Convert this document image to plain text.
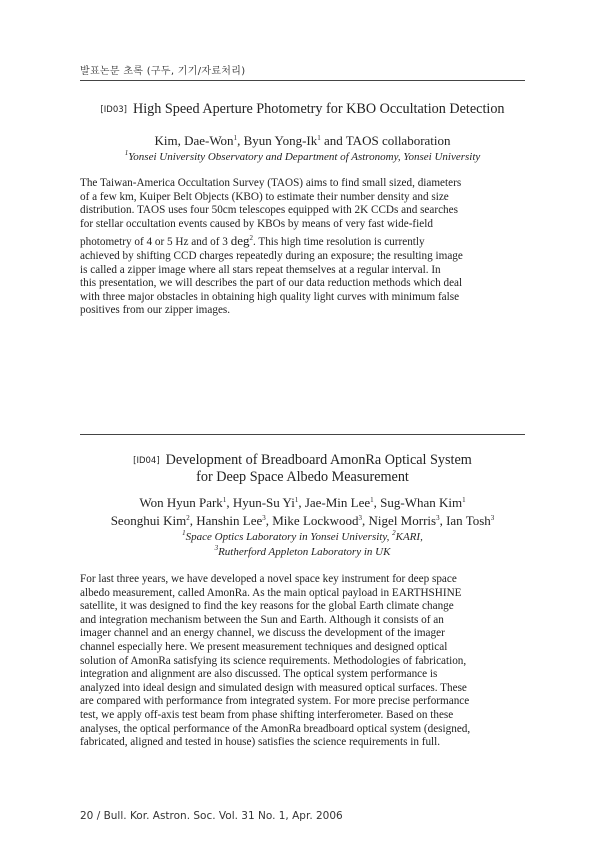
발표논문 초록 (구두, 기기/자료처리)
[ID03] High Speed Aperture Photometry for KBO Occultation Detection
Kim, Dae-Won$^1$, Byun Yong-Ik$^1$ and TAOS collaboration
$^1$Yonsei University Observatory and Department of Astronomy, Yonsei University

The Taiwan-America Occultation Survey (TAOS) aims to find small sized, diameters
of a few km, Kuiper Belt Objects (KBO) to estimate their number density and size
distribution. TAOS uses four 50cm telescopes equipped with 2K CCDs and searches
for stellar occultation events caused by KBOs by means of very fast wide-field
photometry of 4 or 5 Hz and of 3 deg$^2$. This high time resolution is currently
achieved by shifting CCD charges repeatedly during an exposure; the resulting image
is called a zipper image where all stars repeat themselves at a regular interval. In
this presentation, we will describes the part of our data reduction methods which deal
with three major obstacles in obtaining high quality light curves with minimum false
positives from our zipper images.

[ID04] Development of Breadboard AmonRa Optical System
for Deep Space Albedo Measurement
Won Hyun Park$^1$, Hyun-Su Yi$^1$, Jae-Min Lee$^1$, Sug-Whan Kim$^1$
Seonghui Kim$^2$, Hanshin Lee$^3$, Mike Lockwood$^3$, Nigel Morris$^3$, Ian Tosh$^3$
$^1$Space Optics Laboratory in Yonsei University, $^2$KARI,
$^3$Rutherford Appleton Laboratory in UK

For last three years, we have developed a novel space key instrument for deep space
albedo measurement, called AmonRa. As the main optical payload in EARTHSHINE
satellite, it was designed to find the key reasons for the global Earth climate change
and integration mechanism between the Sun and Earth. Although it consists of an
imager channel and an energy channel, we discuss the development of the imager
channel especially here. We present measurement techniques and designed optical
solution of AmonRa satisfying its science requirements. Methodologies of fabrication,
integration and alignment are also discussed. The optical system performance is
analyzed into ideal design and simulated design with measured optical surfaces. These
are compared with performance from integrated system. For more precise performance
test, we apply off-axis test beam from phase shifting interferometer. Based on these
analyses, the optical performance of the AmonRa breadboard optical system (designed,
fabricated, aligned and tested in house) satisfies the science requirements in full.

20 / Bull. Kor. Astron. Soc. Vol. 31 No. 1, Apr. 2006
